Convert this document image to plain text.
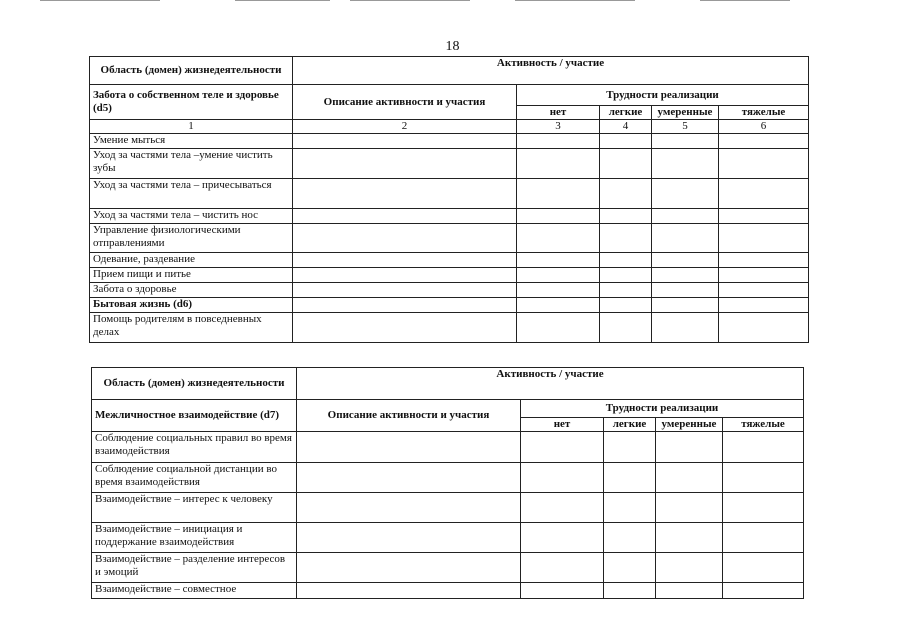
18
Область (домен) жизнедеятельности	Активность / участие				
Забота о собственном теле и здоровье (d5)	Описание активности и участия	Трудности реализации			
		нет	легкие	умеренные	тяжелые
1	2	3	4	5	6
Умение мыться					
Уход за частями тела –умение чистить зубы					
Уход за частями тела – причесываться					
Уход за частями тела – чистить нос					
Управление физиологическими отправлениями					
Одевание, раздевание					
Прием пищи и питье					
Забота о здоровье					
Бытовая жизнь (d6)					
Помощь родителям в повседневных делах					
Область (домен) жизнедеятельности	Активность / участие				
Межличностное взаимодействие (d7)	Описание активности и участия	Трудности реализации			
		нет	легкие	умеренные	тяжелые
Соблюдение социальных правил во время взаимодействия					
Соблюдение социальной дистанции во время взаимодействия					
Взаимодействие – интерес к человеку					
Взаимодействие – инициация и поддержание взаимодействия					
Взаимодействие – разделение интересов и эмоций					
Взаимодействие – совместное					
